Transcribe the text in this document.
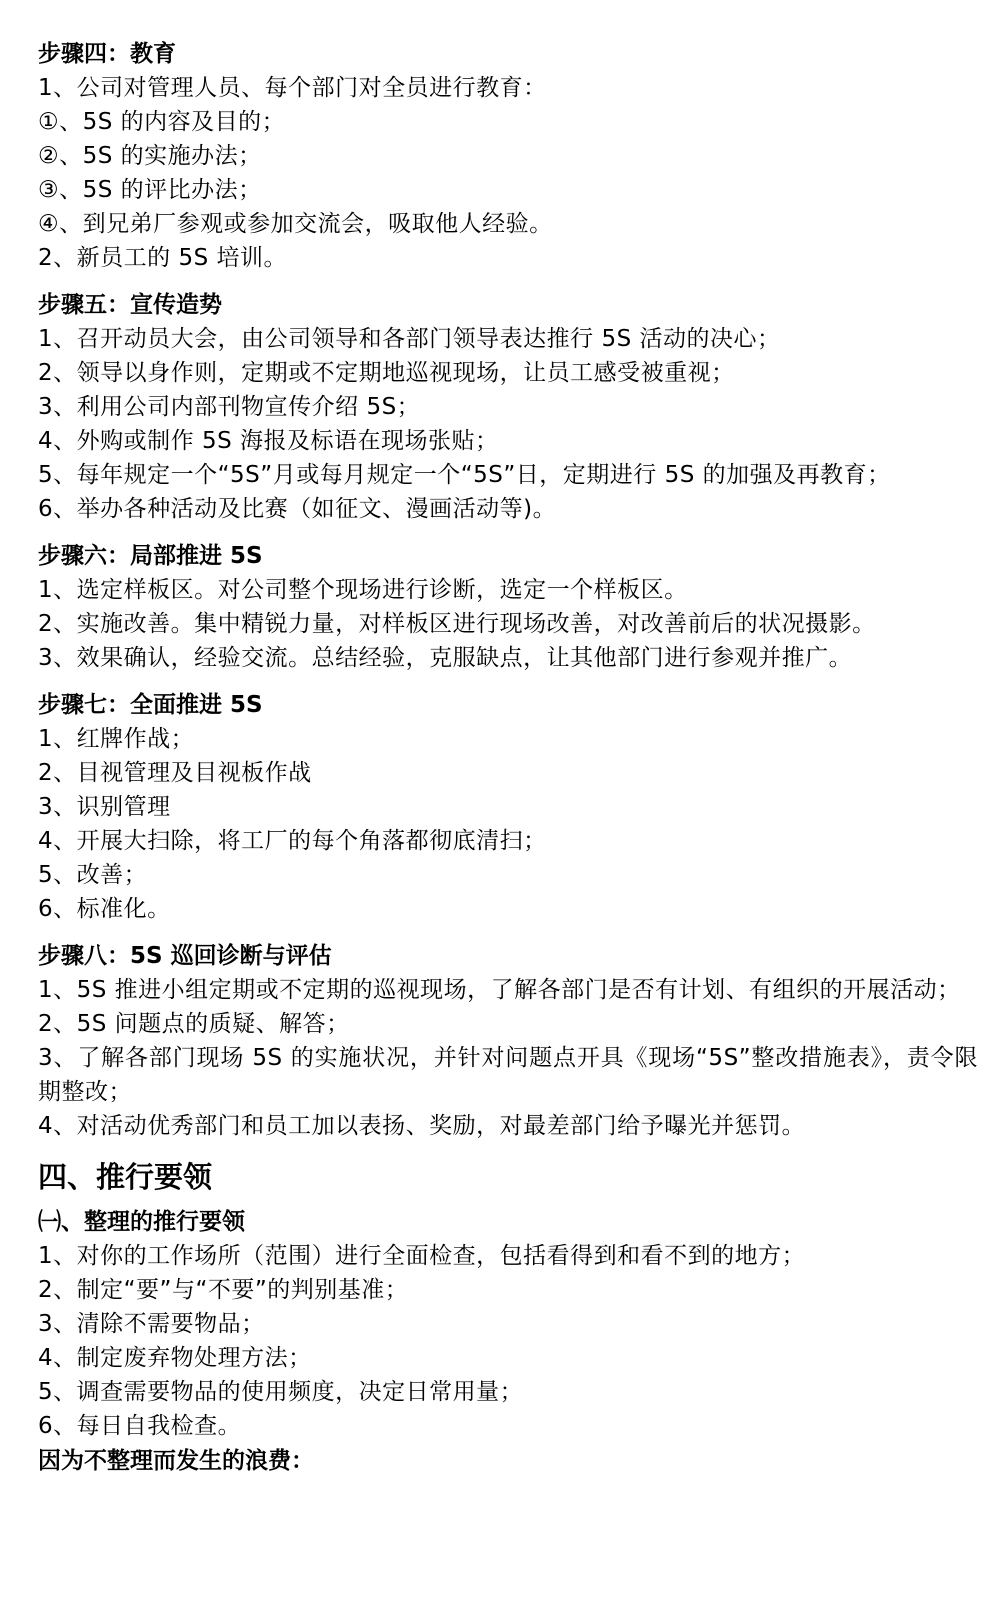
步骤四：教育
1、公司对管理人员、每个部门对全员进行教育：
①、5S 的内容及目的；
②、5S 的实施办法；
③、5S 的评比办法；
④、到兄弟厂参观或参加交流会，吸取他人经验。
2、新员工的 5S 培训。
步骤五：宣传造势
1、召开动员大会，由公司领导和各部门领导表达推行 5S 活动的决心；
2、领导以身作则，定期或不定期地巡视现场，让员工感受被重视；
3、利用公司内部刊物宣传介绍 5S；
4、外购或制作 5S 海报及标语在现场张贴；
5、每年规定一个“5S”月或每月规定一个“5S”日，定期进行 5S 的加强及再教育；
6、举办各种活动及比赛（如征文、漫画活动等)。
步骤六：局部推进 5S
1、选定样板区。对公司整个现场进行诊断，选定一个样板区。
2、实施改善。集中精锐力量，对样板区进行现场改善，对改善前后的状况摄影。
3、效果确认，经验交流。总结经验，克服缺点，让其他部门进行参观并推广。
步骤七：全面推进 5S
1、红牌作战；
2、目视管理及目视板作战
3、识别管理
4、开展大扫除，将工厂的每个角落都彻底清扫；
5、改善；
6、标准化。
步骤八：5S 巡回诊断与评估
1、5S 推进小组定期或不定期的巡视现场，了解各部门是否有计划、有组织的开展活动；
2、5S 问题点的质疑、解答；
3、了解各部门现场 5S 的实施状况，并针对问题点开具《现场“5S”整改措施表》，责令限期整改；
4、对活动优秀部门和员工加以表扬、奖励，对最差部门给予曝光并惩罚。
四、推行要领
㈠、整理的推行要领
1、对你的工作场所（范围）进行全面检查，包括看得到和看不到的地方；
2、制定“要”与“不要”的判别基准；
3、清除不需要物品；
4、制定废弃物处理方法；
5、调查需要物品的使用频度，决定日常用量；
6、每日自我检查。
因为不整理而发生的浪费：
